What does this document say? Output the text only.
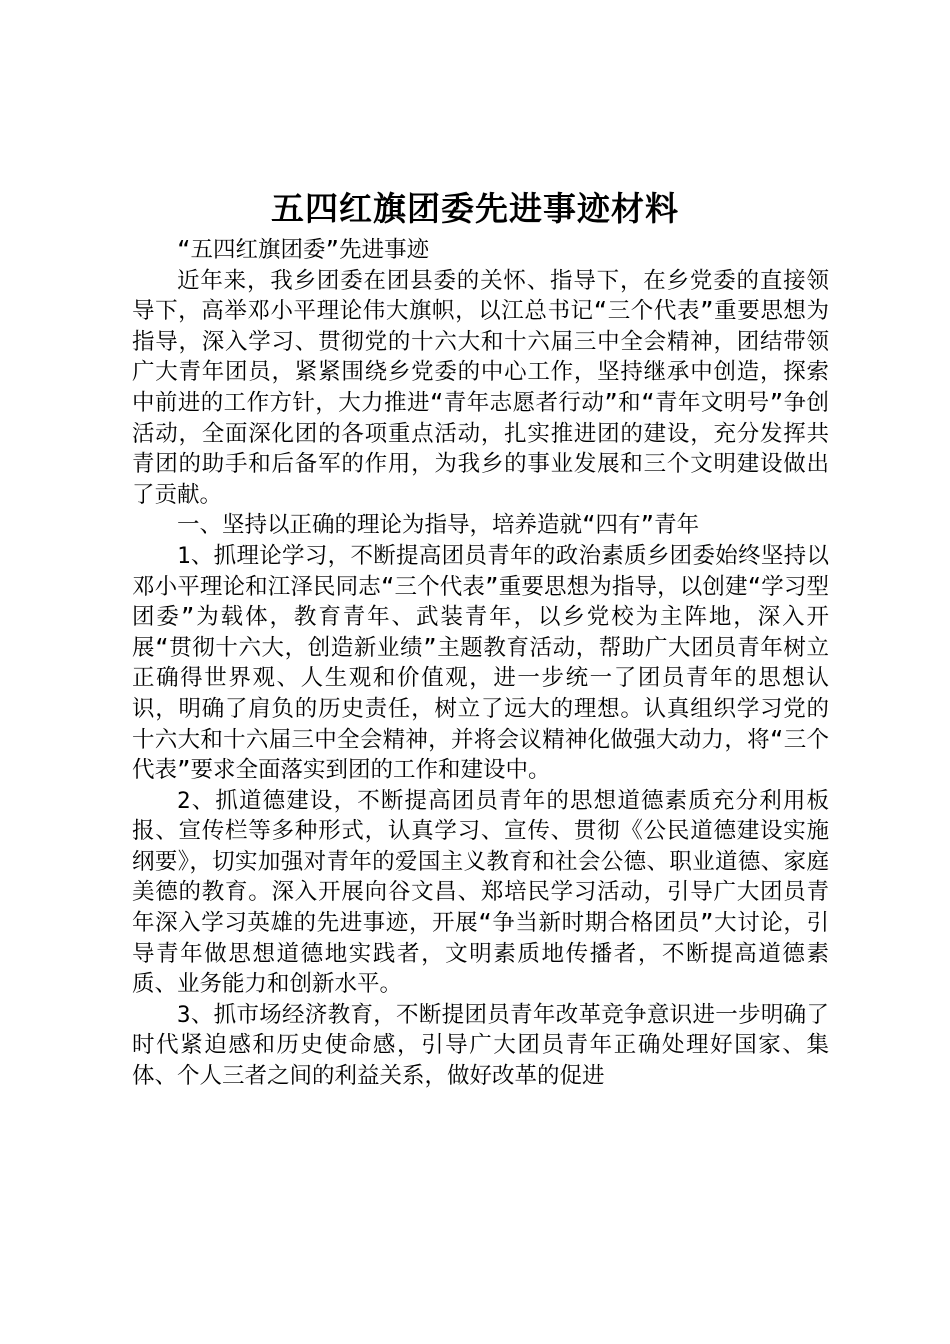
五四红旗团委先进事迹材料

“五四红旗团委”先进事迹

近年来，我乡团委在团县委的关怀、指导下，在乡党委的直接领导下，高举邓小平理论伟大旗帜，以江总书记“三个代表”重要思想为指导，深入学习、贯彻党的十六大和十六届三中全会精神，团结带领广大青年团员，紧紧围绕乡党委的中心工作，坚持继承中创造，探索中前进的工作方针，大力推进“青年志愿者行动”和“青年文明号”争创活动，全面深化团的各项重点活动，扎实推进团的建设，充分发挥共青团的助手和后备军的作用，为我乡的事业发展和三个文明建设做出了贡献。

一、坚持以正确的理论为指导，培养造就“四有”青年

1、抓理论学习，不断提高团员青年的政治素质乡团委始终坚持以邓小平理论和江泽民同志“三个代表”重要思想为指导，以创建“学习型团委”为载体，教育青年、武装青年，以乡党校为主阵地，深入开展“贯彻十六大，创造新业绩”主题教育活动，帮助广大团员青年树立正确得世界观、人生观和价值观，进一步统一了团员青年的思想认识，明确了肩负的历史责任，树立了远大的理想。认真组织学习党的十六大和十六届三中全会精神，并将会议精神化做强大动力，将“三个代表”要求全面落实到团的工作和建设中。

2、抓道德建设，不断提高团员青年的思想道德素质充分利用板报、宣传栏等多种形式，认真学习、宣传、贯彻《公民道德建设实施纲要》，切实加强对青年的爱国主义教育和社会公德、职业道德、家庭美德的教育。深入开展向谷文昌、郑培民学习活动，引导广大团员青年深入学习英雄的先进事迹，开展“争当新时期合格团员”大讨论，引导青年做思想道德地实践者，文明素质地传播者，不断提高道德素质、业务能力和创新水平。

3、抓市场经济教育，不断提团员青年改革竞争意识进一步明确了时代紧迫感和历史使命感，引导广大团员青年正确处理好国家、集体、个人三者之间的利益关系，做好改革的促进
